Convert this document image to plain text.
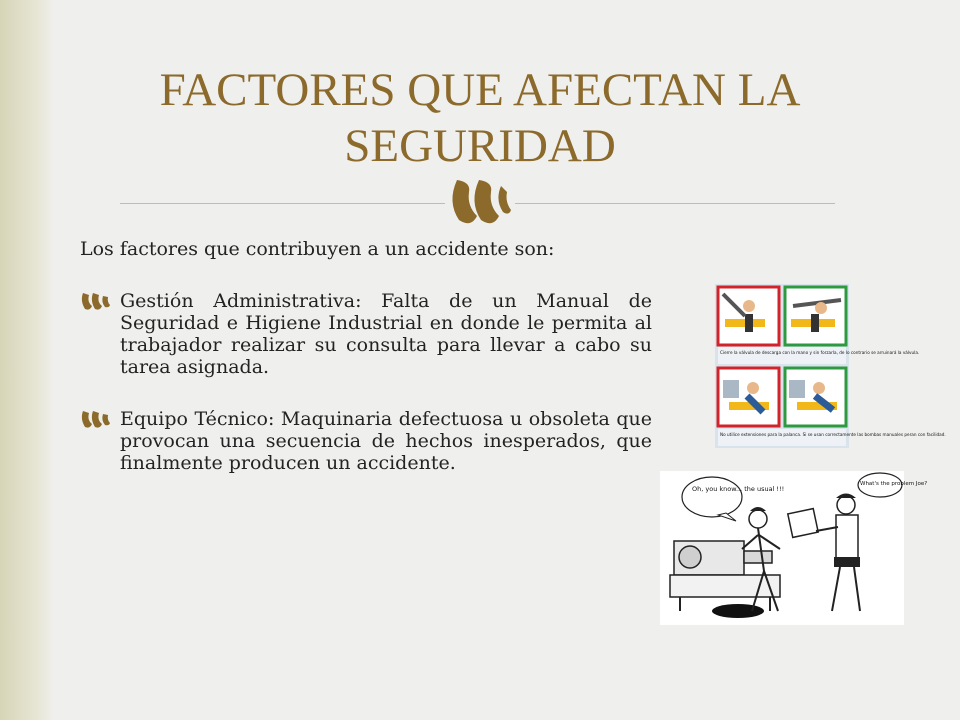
FACTORES QUE AFECTAN LA SEGURIDAD

Los factores que contribuyen a un accidente son:

Gestión Administrativa: Falta de un Manual de Seguridad e Higiene Industrial en donde le permita al trabajador realizar su consulta para llevar a cabo su tarea asignada.
Equipo Técnico: Maquinaria defectuosa u obsoleta que provocan una secuencia de hechos inesperados, que finalmente producen un accidente.
Cierre la válvula de descarga con la mano y sin forzarla, de lo contrario se arruinará la válvula.
No utilice extensiones para la palanca. Si se usan correctamente las bombas manuales peran con facilidad.
Oh, you know... the usual !!!
What's the problem Joe?
